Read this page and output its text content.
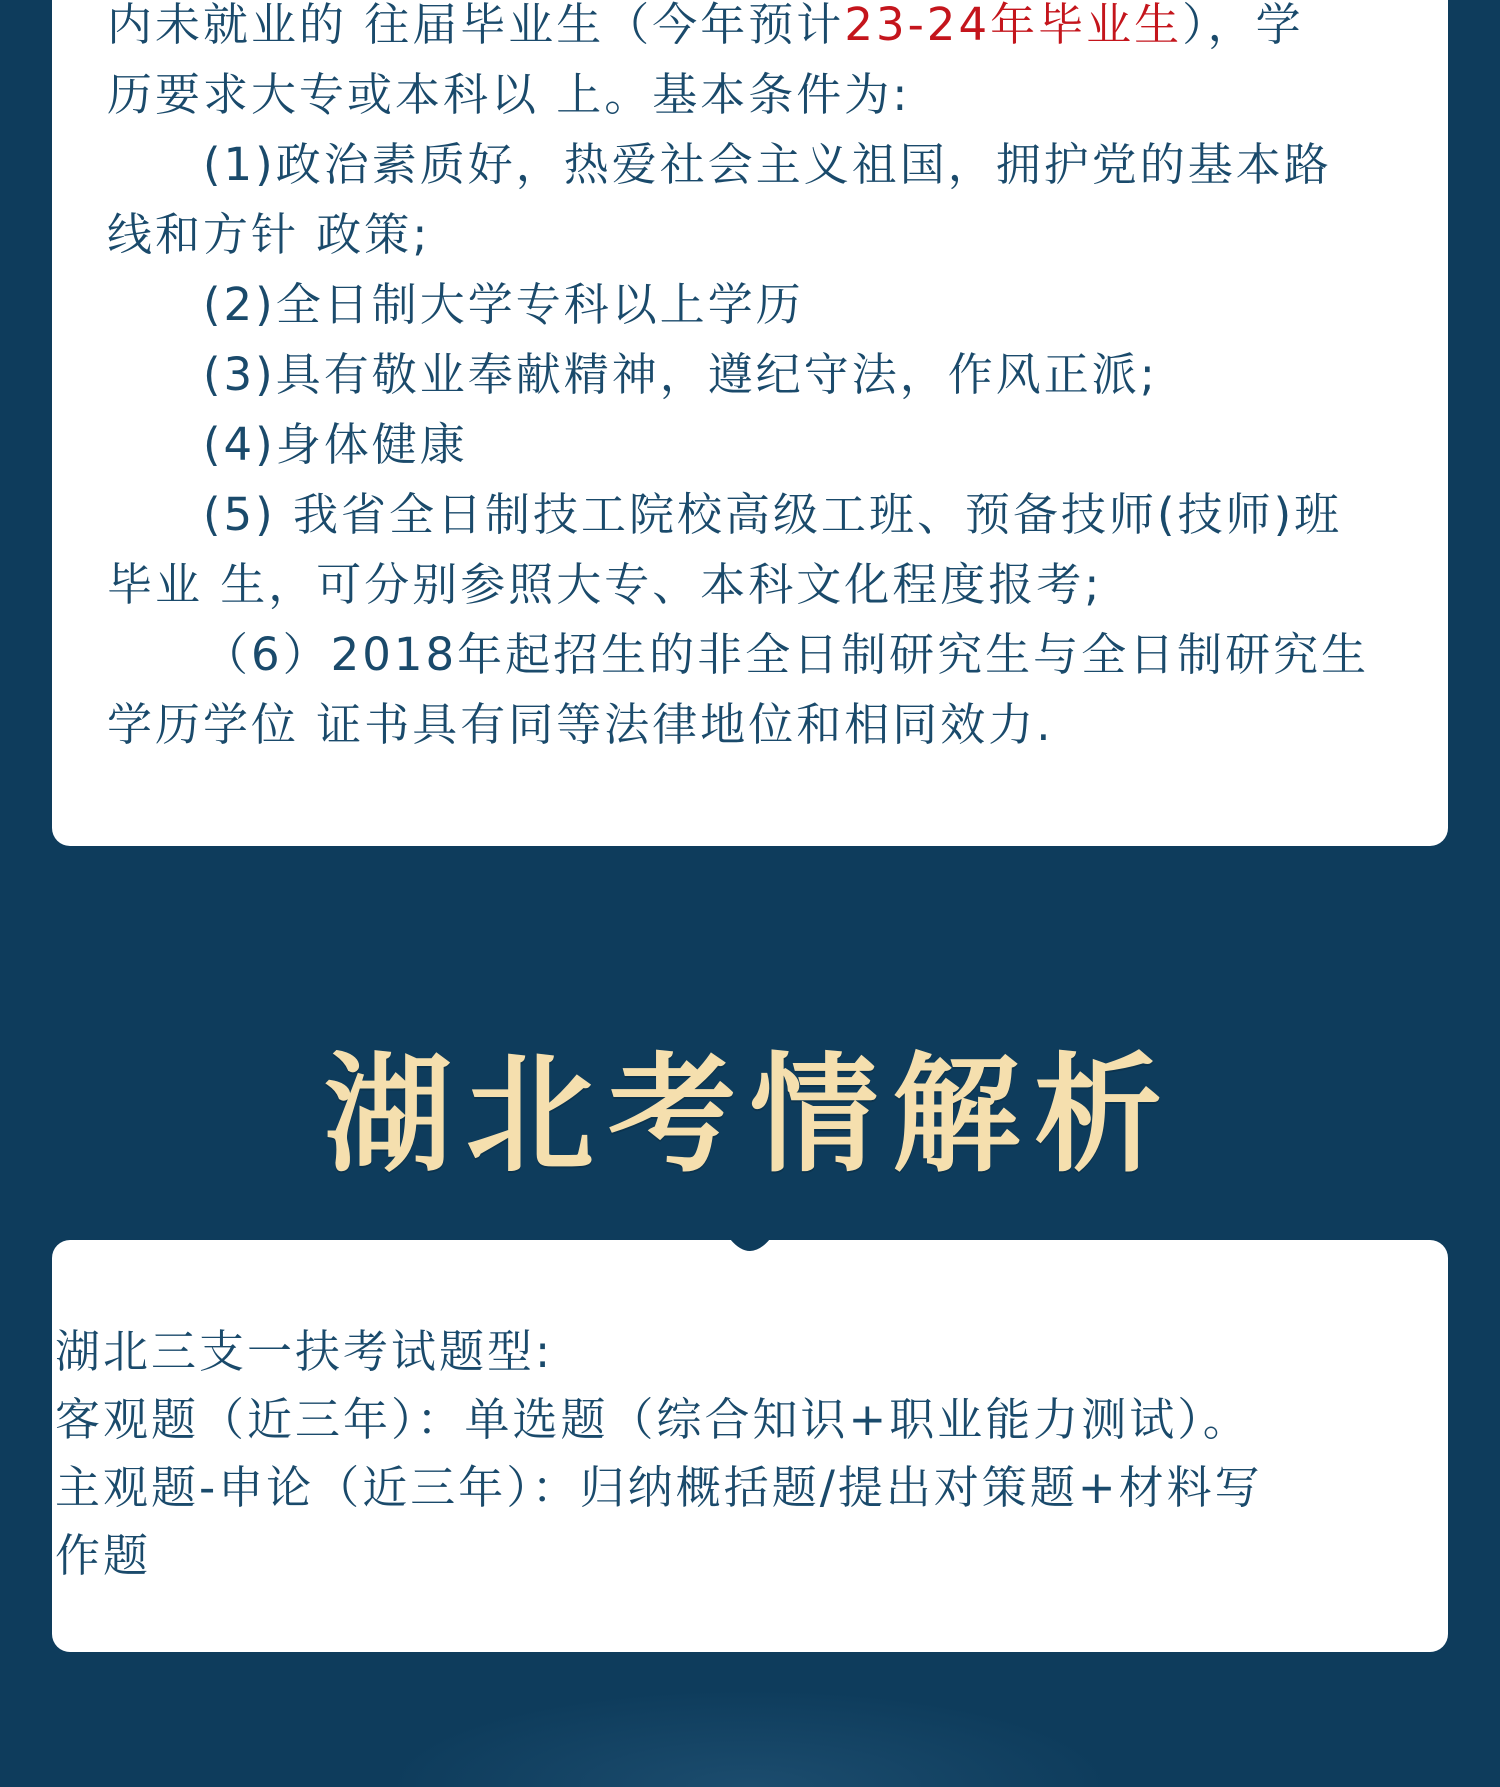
内未就业的 往届毕业生（今年预计23-24年毕业生），学
历要求大专或本科以 上。基本条件为:
(1)政治素质好，热爱社会主义祖国，拥护党的基本路
线和方针 政策;
(2)全日制大学专科以上学历
(3)具有敬业奉献精神，遵纪守法，作风正派;
(4)身体健康
(5) 我省全日制技工院校高级工班、预备技师(技师)班
毕业 生，可分别参照大专、本科文化程度报考;
（6）2018年起招生的非全日制研究生与全日制研究生
学历学位 证书具有同等法律地位和相同效力.
湖北考情解析
湖北三支一扶考试题型:
客观题（近三年）：单选题（综合知识+职业能力测试）。
主观题-申论（近三年）：归纳概括题/提出对策题+材料写
作题
